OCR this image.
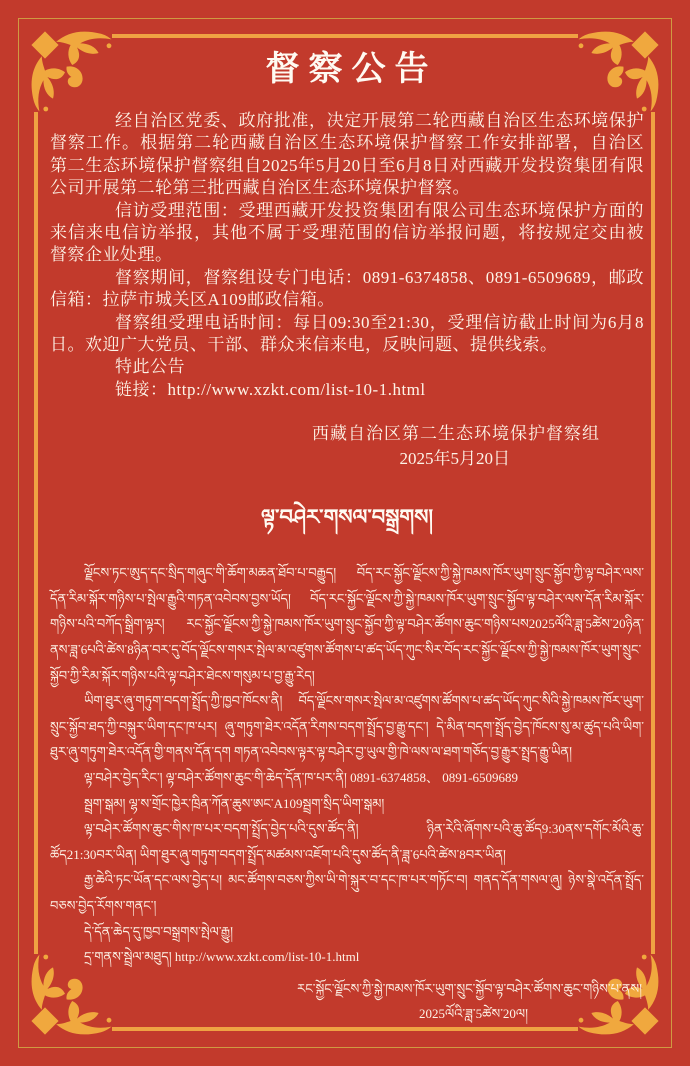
督察公告

经自治区党委、政府批准，决定开展第二轮西藏自治区生态环境保护督察工作。根据第二轮西藏自治区生态环境保护督察工作安排部署，自治区第二生态环境保护督察组自2025年5月20日至6月8日对西藏开发投资集团有限公司开展第二轮第三批西藏自治区生态环境保护督察。

信访受理范围：受理西藏开发投资集团有限公司生态环境保护方面的来信来电信访举报，其他不属于受理范围的信访举报问题，将按规定交由被督察企业处理。

督察期间，督察组设专门电话：0891-6374858、0891-6509689，邮政信箱：拉萨市城关区A109邮政信箱。

督察组受理电话时间：每日09:30至21:30，受理信访截止时间为6月8日。欢迎广大党员、干部、群众来信来电，反映问题、提供线索。

特此公告

链接：http://www.xzkt.com/list-10-1.html

西藏自治区第二生态环境保护督察组
2025年5月20日
ལྟ་བཤེར་གསལ་བསྒྲགས།

ལྗོངས་ཏང་ཨུད་དང་སྲིད་གཞུང་གི་ཆོག་མཆན་ཐོབ་པ་བརྒྱུད། བོད་རང་སྐྱོང་ལྗོངས་ཀྱི་སྐྱེ་ཁམས་ཁོར་ཡུག་སྲུང་སྐྱོབ་ཀྱི་ལྟ་བཤེར་ལས་དོན་རིམ་སྐོར་གཉིས་པ་སྤེལ་རྒྱུའི་གཏན་འབེབས་བྱས་ཡོད། བོད་རང་སྐྱོང་ལྗོངས་ཀྱི་སྐྱེ་ཁམས་ཁོར་ཡུག་སྲུང་སྐྱོབ་ལྟ་བཤེར་ལས་དོན་རིམ་སྐོར་གཉིས་པའི་བཀོད་སྒྲིག་ལྟར། རང་སྐྱོང་ལྗོངས་ཀྱི་སྐྱེ་ཁམས་ཁོར་ཡུག་སྲུང་སྐྱོབ་ཀྱི་ལྟ་བཤེར་ཚོགས་ཆུང་གཉིས་པས2025ལོའི་ཟླ་5ཚེས་20ཉིན་ནས་ཟླ་6པའི་ཚེས་8ཉིན་བར་དུ་བོད་ལྗོངས་གསར་སྤེལ་མ་འཛུགས་ཚོགས་པ་ཚད་ཡོད་ཀུང་སིར་བོད་རང་སྐྱོང་ལྗོངས་ཀྱི་སྐྱེ་ཁམས་ཁོར་ཡུག་སྲུང་སྐྱོབ་ཀྱི་རིམ་སྐོར་གཉིས་པའི་ལྟ་བཤེར་ཐེངས་གསུམ་པ་བྱ་རྒྱུ་རེད།

ཡིག་ཐུར་ཞུ་གཏུག་བདག་སྤྲོད་ཀྱི་ཁྱབ་ཁོངས་ནི། བོད་ལྗོངས་གསར་སྤེལ་མ་འཛུགས་ཚོགས་པ་ཚད་ཡོད་ཀུང་སིའི་སྐྱེ་ཁམས་ཁོར་ཡུག་སྲུང་སྐྱོབ་ཐད་ཀྱི་བསྐུར་ཡིག་དང་ཁ་པར། ཞུ་གཏུག་ཐེར་འདོན་རིགས་བདག་སྤྲོད་བྱ་རྒྱུ་དང་། དེ་མིན་བདག་སྤྲོད་བྱེད་ཁོངས་སུ་མ་ཚུད་པའི་ཡིག་ཐུར་ཞུ་གཏུག་ཐེར་འདོན་གྱི་གནས་དོན་དག གཏན་འབེབས་ལྟར་ལྟ་བཤེར་བྱ་ཡུལ་གྱི་ཁེ་ལས་ལ་ཐག་གཅོད་བྱ་རྒྱུར་སྤྲད་རྒྱུ་ཡིན།

ལྟ་བཤེར་བྱེད་རིང་། ལྟ་བཤེར་ཚོགས་ཆུང་གི་ཆེད་དོན་ཁ་པར་ནི། 0891-6374858、 0891-6509689

སྦྲག་སྒམ། ལྷ་ས་གྲོང་ཁྱེར་ཁྲིན་ཀོན་ཆུས་ཨང་A109སྦྲག་སྲིད་ཡིག་སྒམ།

ལྟ་བཤེར་ཚོགས་ཆུང་གིས་ཁ་པར་བདག་སྤྲོད་བྱེད་པའི་དུས་ཚོད་ནི། ཉིན་རེའི་ཞོགས་པའི་ཆུ་ཚོད9:30ནས་དགོང་མོའི་ཆུ་ཚོད21:30བར་ཡིན། ཡིག་ཐུར་ཞུ་གཏུག་བདག་སྤྲོད་མཚམས་འཇོག་པའི་དུས་ཚོད་ནི་ཟླ་6པའི་ཚེས་8བར་ཡིན།

རྒྱ་ཆེའི་ཏང་ཡོན་དང་ལས་བྱེད་པ། མང་ཚོགས་བཅས་ཀྱིས་ཡི་གེ་སྐུར་བ་དང་ཁ་པར་གཏོང་བ། གནད་དོན་གསལ་ཞུ། ཉེས་སྣེ་འདོན་སྤྲོད་བཅས་བྱེད་རོགས་གནང་།

དེ་དོན་ཆེད་དུ་ཁྱབ་བསྒྲགས་སྤེལ་རྒྱུ།

དྲ་གནས་སྦྲེལ་མཐུད། http://www.xzkt.com/list-10-1.html

རང་སྐྱོང་ལྗོངས་ཀྱི་སྐྱེ་ཁམས་ཁོར་ཡུག་སྲུང་སྐྱོབ་ལྟ་བཤེར་ཚོགས་ཆུང་གཉིས་པ་ནས།
2025ལོའི་ཟླ་5ཚེས་20ལ།
